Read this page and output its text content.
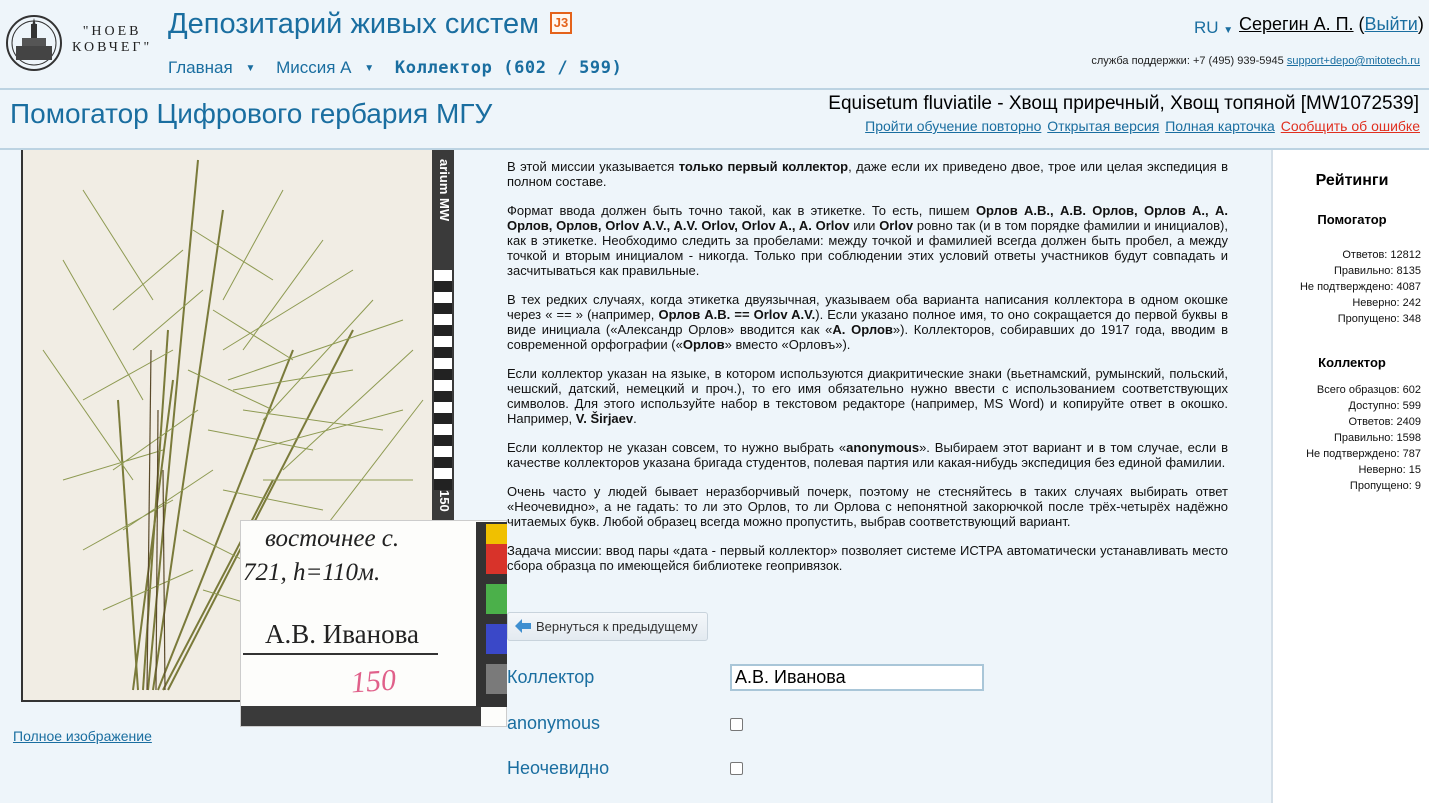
"НОЕВ
КОВЧЕГ"
Депозитарий живых систем J3
Главная ▼ Миссия А ▼ Коллектор (602 / 599)
RU ▼ Серегин А. П. (Выйти)
служба поддержки: +7 (495) 939-5945 support+depo@mitotech.ru
Помогатор Цифрового гербария МГУ	Equisetum fluviatile - Хвощ приречный, Хвощ топяной [MW1072539]
Пройти обучение повторно Открытая версия Полная карточка Сообщить об ошибке
arium MW
150
восточнее с.
721, h=110м.
А.В. Иванова
150
Полное изображение

В этой миссии указывается только первый коллектор, даже если их приведено двое, трое или целая экспедиция в полном составе.

Формат ввода должен быть точно такой, как в этикетке. То есть, пишем Орлов А.В., А.В. Орлов, Орлов А., А. Орлов, Орлов, Orlov A.V., A.V. Orlov, Orlov A., A. Orlov или Orlov ровно так (и в том порядке фамилии и инициалов), как в этикетке. Необходимо следить за пробелами: между точкой и фамилией всегда должен быть пробел, а между точкой и вторым инициалом - никогда. Только при соблюдении этих условий ответы участников будут совпадать и засчитываться как правильные.

В тех редких случаях, когда этикетка двуязычная, указываем оба варианта написания коллектора в одном окошке через « == » (например, Орлов А.В. == Orlov A.V.). Если указано полное имя, то оно сокращается до первой буквы в виде инициала («Александр Орлов» вводится как «А. Орлов»). Коллекторов, собиравших до 1917 года, вводим в современной орфографии («Орлов» вместо «Орловъ»).

Если коллектор указан на языке, в котором используются диакритические знаки (вьетнамский, румынский, польский, чешский, датский, немецкий и проч.), то его имя обязательно нужно ввести с использованием соответствующих символов. Для этого используйте набор в текстовом редакторе (например, MS Word) и копируйте ответ в окошко. Например, V. Širjaev.

Если коллектор не указан совсем, то нужно выбрать «anonymous». Выбираем этот вариант и в том случае, если в качестве коллекторов указана бригада студентов, полевая партия или какая-нибудь экспедиция без единой фамилии.

Очень часто у людей бывает неразборчивый почерк, поэтому не стесняйтесь в таких случаях выбирать ответ «Неочевидно», а не гадать: то ли это Орлов, то ли Орлова с непонятной закорючкой после трёх-четырёх надёжно читаемых букв. Любой образец всегда можно пропустить, выбрав соответствующий вариант.

Задача миссии: ввод пары «дата - первый коллектор» позволяет системе ИСТРА автоматически устанавливать место сбора образца по имеющейся библиотеке геопривязок.

Вернуться к предыдущему
Коллектор
А.В. Иванова
anonymous
Неочевидно
Рейтинги
Помогатор
Ответов: 12812
Правильно: 8135
Не подтверждено: 4087
Неверно: 242
Пропущено: 348
Коллектор
Всего образцов: 602
Доступно: 599
Ответов: 2409
Правильно: 1598
Не подтверждено: 787
Неверно: 15
Пропущено: 9
